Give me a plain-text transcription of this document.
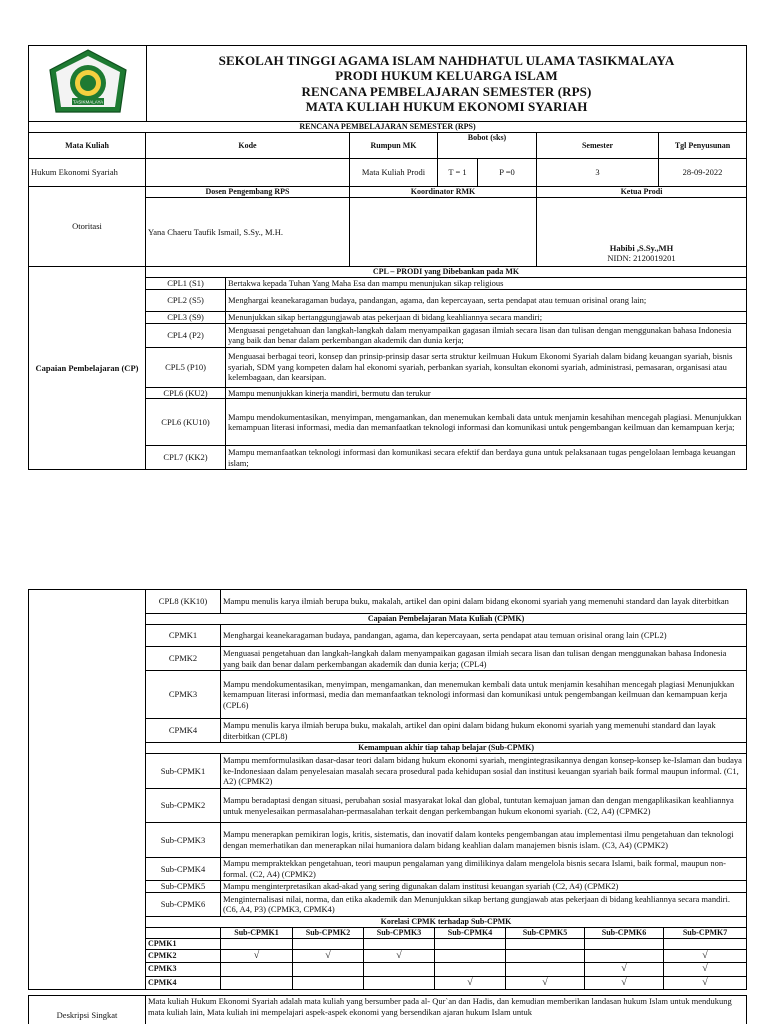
TASIKMALAYA

SEKOLAH TINGGI AGAMA ISLAM NAHDHATUL ULAMA TASIKMALAYA
PRODI HUKUM KELUARGA ISLAM
RENCANA PEMBELAJARAN SEMESTER (RPS)
MATA KULIAH HUKUM EKONOMI SYARIAH
RENCANA PEMBELAJARAN SEMESTER (RPS)							
Mata Kuliah	Kode		Rumpun MK	Bobot (sks)		Semester	Tgl Penyusunan
Hukum Ekonomi Syariah			Mata Kuliah Prodi	T = 1	P =0	3	28-09-2022
Otoritasi	Dosen Pengembang RPS		Koordinator RMK			Ketua Prodi	
	Yana Chaeru Taufik Ismail, S.Sy., M.H.					Habibi ,S.Sy.,MH
NIDN: 2120019201	

Capaian Pembelajaran (CP)	CPL – PRODI yang Dibebankan pada MK						
	CPL1 (S1)	Bertakwa kepada Tuhan Yang Maha Esa dan mampu menunjukan sikap religious					
	CPL2 (S5)	Menghargai keanekaragaman budaya, pandangan, agama, dan kepercayaan, serta pendapat atau temuan orisinal orang lain;					
	CPL3 (S9)	Menunjukkan sikap bertanggungjawab atas pekerjaan di bidang keahliannya secara mandiri;					
	CPL4 (P2)	Menguasai pengetahuan dan langkah-langkah dalam menyampaikan gagasan ilmiah secara lisan dan tulisan dengan menggunakan bahasa Indonesia yang baik dan benar dalam perkembangan akademik dan dunia kerja;					
	CPL5 (P10)	Menguasai berbagai teori, konsep dan prinsip-prinsip dasar serta struktur keilmuan Hukum Ekonomi Syariah dalam bidang keuangan syariah, bisnis syariah, SDM yang kompeten dalam hal ekonomi syariah, perbankan syariah, konsultan ekonomi syariah, administrasi, pemasaran, organisasi atau kelembagaan, dan kearsipan.					
	CPL6 (KU2)	Mampu menunjukkan kinerja mandiri, bermutu dan terukur					
	CPL6 (KU10)	Mampu mendokumentasikan, menyimpan, mengamankan, dan menemukan kembali data untuk menjamin kesahihan mencegah plagiasi. Menunjukkan kemampuan literasi informasi, media dan memanfaatkan teknologi informasi dan komunikasi untuk pengembangan keilmuan dan kemampuan kerja;					
	CPL7 (KK2)	Mampu memanfaatkan teknologi informasi dan komunikasi secara efektif dan berdaya guna untuk pelaksanaan tugas pengelolaan lembaga keuangan islam;					
	CPL8 (KK10)	Mampu menulis karya ilmiah berupa buku, makalah, artikel dan opini dalam bidang ekonomi syariah yang memenuhi standard dan layak diterbitkan						
	Capaian Pembelajaran Mata Kuliah (CPMK)							
	CPMK1	Menghargai keanekaragaman budaya, pandangan, agama, dan kepercayaan, serta pendapat atau temuan orisinal orang lain (CPL2)						
	CPMK2	Menguasai pengetahuan dan langkah-langkah dalam menyampaikan gagasan ilmiah secara lisan dan tulisan dengan menggunakan bahasa Indonesia yang baik dan benar dalam perkembangan akademik dan dunia kerja; (CPL4)						
	CPMK3	Mampu mendokumentasikan, menyimpan, mengamankan, dan menemukan kembali data untuk menjamin kesahihan mencegah plagiasi Menunjukkan kemampuan literasi informasi, media dan memanfaatkan teknologi informasi dan komunikasi untuk pengembangan keilmuan dan kemampuan kerja (CPL6)						
	CPMK4	Mampu menulis karya ilmiah berupa buku, makalah, artikel dan opini dalam bidang hukum ekonomi syariah yang memenuhi standard dan layak diterbitkan (CPL8)						
	Kemampuan akhir tiap tahap belajar (Sub-CPMK)							
	Sub-CPMK1	Mampu memformulasikan dasar-dasar teori dalam bidang hukum ekonomi syariah, mengintegrasikannya dengan konsep-konsep ke-Islaman dan budaya ke-Indonesiaan dalam penyelesaian masalah secara prosedural pada kehidupan sosial dan institusi keuangan syariah baik formal maupun informal. (C1, A2) (CPMK2)						
	Sub-CPMK2	Mampu beradaptasi dengan situasi, perubahan sosial masyarakat lokal dan global, tuntutan kemajuan jaman dan dengan mengaplikasikan keahliannya untuk menyelesaikan permasalahan-permasalahan terkait dengan perkembangan hukum ekonomi syariah. (C2, A4) (CPMK2)						
	Sub-CPMK3	Mampu menerapkan pemikiran logis, kritis, sistematis, dan inovatif dalam konteks pengembangan atau implementasi ilmu pengetahuan dan teknologi dengan memerhatikan dan menerapkan nilai humaniora dalam bidang keahlian dalam manajemen bisnis islam. (C3, A4) (CPMK2)						
	Sub-CPMK4	Mampu mempraktekkan pengetahuan, teori maupun pengalaman yang dimilikinya dalam mengelola bisnis secara Islami, baik formal, maupun non-formal. (C2, A4) (CPMK2)						
	Sub-CPMK5	Mampu menginterpretasikan akad-akad yang sering digunakan dalam institusi keuangan syariah (C2, A4) (CPMK2)						
	Sub-CPMK6	Menginternalisasi nilai, norma, dan etika akademik dan Menunjukkan sikap bertang gungjawab atas pekerjaan di bidang keahliannya secara mandiri. (C6, A4, P3) (CPMK3, CPMK4)						
	Korelasi CPMK terhadap Sub-CPMK							
		Sub-CPMK1	Sub-CPMK2	Sub-CPMK3	Sub-CPMK4	Sub-CPMK5	Sub-CPMK6	Sub-CPMK7
	CPMK1							
	CPMK2	√	√	√				√
	CPMK3						√	√
	CPMK4				√	√	√	√
Deskripsi Singkat	Mata kuliah Hukum Ekonomi Syariah adalah mata kuliah yang bersumber pada al- Qur`an dan Hadis, dan kemudian memberikan landasan hukum Islam untuk mendukung mata kuliah lain, Mata kuliah ini mempelajari aspek-aspek ekonomi yang bersendikan ajaran hukum Islam untuk
